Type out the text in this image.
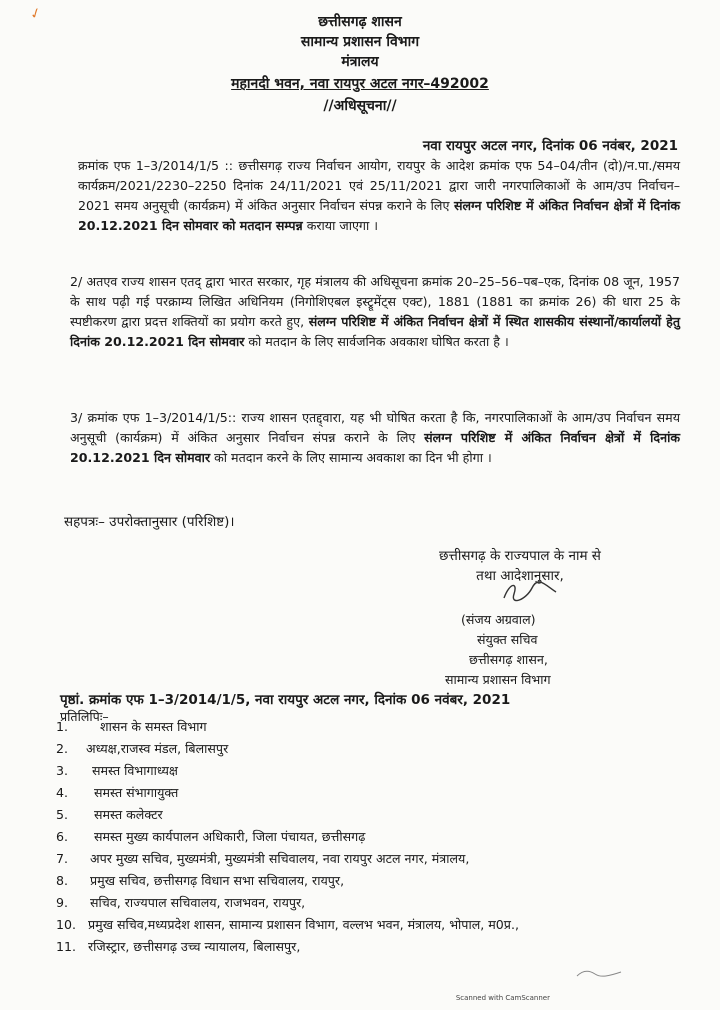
✓	छत्तीसगढ़ शासन
सामान्य प्रशासन विभाग
मंत्रालय
महानदी भवन, नवा रायपुर अटल नगर–492002
//अधिसूचना//
नवा रायपुर अटल नगर, दिनांक 06 नवंबर, 2021

क्रमांक एफ 1–3/2014/1/5 :: छत्तीसगढ़ राज्य निर्वाचन आयोग, रायपुर के आदेश क्रमांक एफ 54–04/तीन (दो)/न.पा./समय कार्यक्रम/2021/2230–2250 दिनांक 24/11/2021 एवं 25/11/2021 द्वारा जारी नगरपालिकाओं के आम/उप निर्वाचन–2021 समय अनुसूची (कार्यक्रम) में अंकित अनुसार निर्वाचन संपन्न कराने के लिए संलग्न परिशिष्ट में अंकित निर्वाचन क्षेत्रों में दिनांक 20.12.2021 दिन सोमवार को मतदान सम्पन्न कराया जाएगा ।

2/ अतएव राज्य शासन एतद् द्वारा भारत सरकार, गृह मंत्रालय की अधिसूचना क्रमांक 20–25–56–पब–एक, दिनांक 08 जून, 1957 के साथ पढ़ी गई परक्राम्य लिखित अधिनियम (निगोशिएबल इस्ट्रूमेंट्स एक्ट), 1881 (1881 का क्रमांक 26) की धारा 25 के स्पष्टीकरण द्वारा प्रदत्त शक्तियों का प्रयोग करते हुए, संलग्न परिशिष्ट में अंकित निर्वाचन क्षेत्रों में स्थित शासकीय संस्थानों/कार्यालयों हेतु दिनांक 20.12.2021 दिन सोमवार को मतदान के लिए सार्वजनिक अवकाश घोषित करता है ।

3/ क्रमांक एफ 1–3/2014/1/5:: राज्य शासन एतद्द्वारा, यह भी घोषित करता है कि, नगरपालिकाओं के आम/उप निर्वाचन समय अनुसूची (कार्यक्रम) में अंकित अनुसार निर्वाचन संपन्न कराने के लिए संलग्न परिशिष्ट में अंकित निर्वाचन क्षेत्रों में दिनांक 20.12.2021 दिन सोमवार को मतदान करने के लिए सामान्य अवकाश का दिन भी होगा ।

सहपत्रः– उपरोक्तानुसार (परिशिष्ट)।
छत्तीसगढ़ के राज्यपाल के नाम से
तथा आदेशानुसार,
(संजय अग्रवाल)
संयुक्त सचिव
छत्तीसगढ़ शासन,
सामान्य प्रशासन विभाग
पृष्ठां. क्रमांक एफ 1–3/2014/1/5, नवा रायपुर अटल नगर, दिनांक 06 नवंबर, 2021
प्रतिलिपिः–
1.	शासन के समस्त विभाग
2. अध्यक्ष,राजस्व मंडल, बिलासपुर
3. समस्त विभागाध्यक्ष
4. समस्त संभागायुक्त
5. समस्त कलेक्टर
6. समस्त मुख्य कार्यपालन अधिकारी, जिला पंचायत, छत्तीसगढ़
7. अपर मुख्य सचिव, मुख्यमंत्री, मुख्यमंत्री सचिवालय, नवा रायपुर अटल नगर, मंत्रालय,
8. प्रमुख सचिव, छत्तीसगढ़ विधान सभा सचिवालय, रायपुर,
9. सचिव, राज्यपाल सचिवालय, राजभवन, रायपुर,
10. प्रमुख सचिव,मध्यप्रदेश शासन, सामान्य प्रशासन विभाग, वल्लभ भवन, मंत्रालय, भोपाल, म0प्र.,
11. रजिस्ट्रार, छत्तीसगढ़ उच्च न्यायालय, बिलासपुर,
Scanned with CamScanner
